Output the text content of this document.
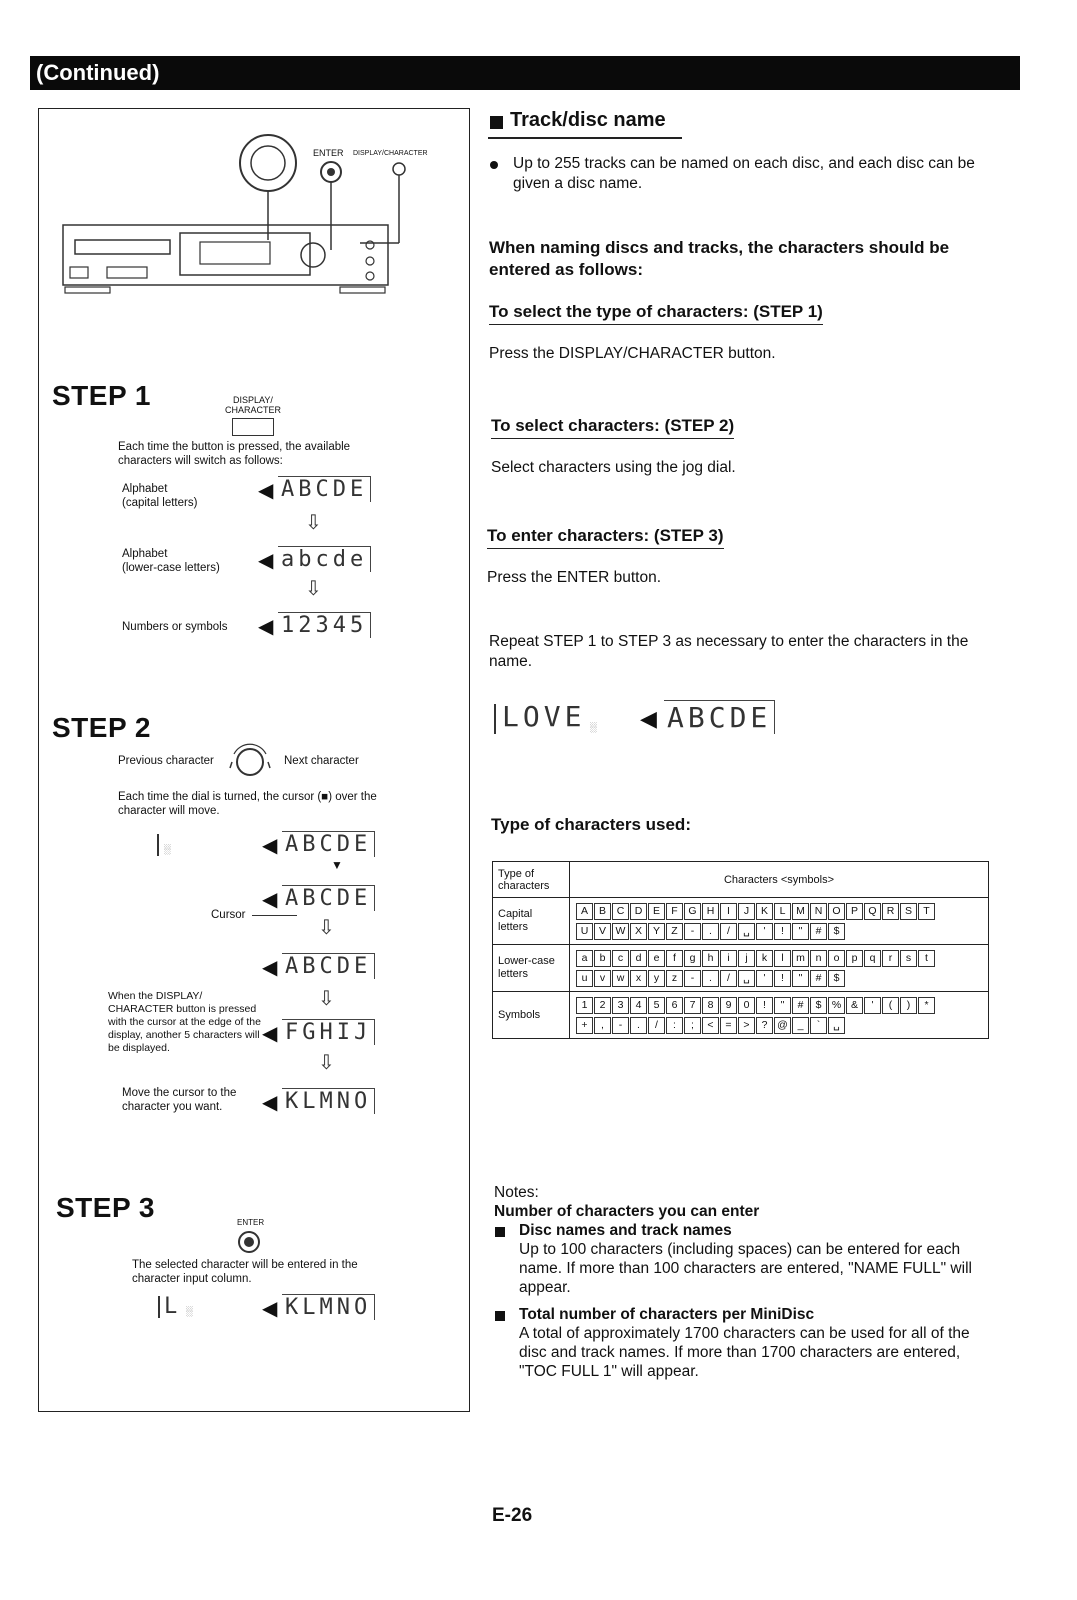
(Continued)
ENTER DISPLAY/CHARACTER
STEP 1	DISPLAY/
CHARACTER
Each time the button is pressed, the available characters will switch as follows:
Alphabet
(capital letters)
◀ ABCDE
⇩
Alphabet
(lower-case letters) ◀ abcde
⇩
Numbers or symbols ◀ 12345
STEP 2
Previous character	Next character
Each time the dial is turned, the cursor (■) over the character will move.
░	◀ ABCDE
▼
Cursor
◀ ABCDE
⇩
◀ ABCDE
⇩
When the DISPLAY/ CHARACTER button is pressed with the cursor at the edge of the display, another 5 characters will be displayed.
◀ FGHIJ
⇩
Move the cursor to the character you want.	◀ KLMNO
STEP 3	ENTER
The selected character will be entered in the character input column.
L ░	◀ KLMNO
Track/disc name
Up to 255 tracks can be named on each disc, and each disc can be given a disc name.
When naming discs and tracks, the characters should be entered as follows:
To select the type of characters: (STEP 1)
Press the DISPLAY/CHARACTER button.
To select characters: (STEP 2)
Select characters using the jog dial.
To enter characters: (STEP 3)
Press the ENTER button.
Repeat STEP 1 to STEP 3 as necessary to enter the characters in the name.
LOVE ░ ◀ ABCDE
Type of characters used:
Type of characters	Characters <symbols>
Capital letters	A B C D E F G H I J K L M N O P Q R S T
U V W X Y Z - . / ␣ ' ! " # $

Lower-case letters	a b c d e f g h i j k l m n o p q r s t
u v w x y z - . / ␣ ' ! " # $

Symbols	1 2 3 4 5 6 7 8 9 0 ! " # $ % & ' ( ) *
+ , - . / : ; < = > ? @ _ ` ␣
Notes:
Number of characters you can enter
Disc names and track names
Up to 100 characters (including spaces) can be entered for each name. If more than 100 characters are entered, "NAME FULL" will appear.
Total number of characters per MiniDisc
A total of approximately 1700 characters can be used for all of the disc and track names. If more than 1700 characters are entered, "TOC FULL 1" will appear.
E-26
